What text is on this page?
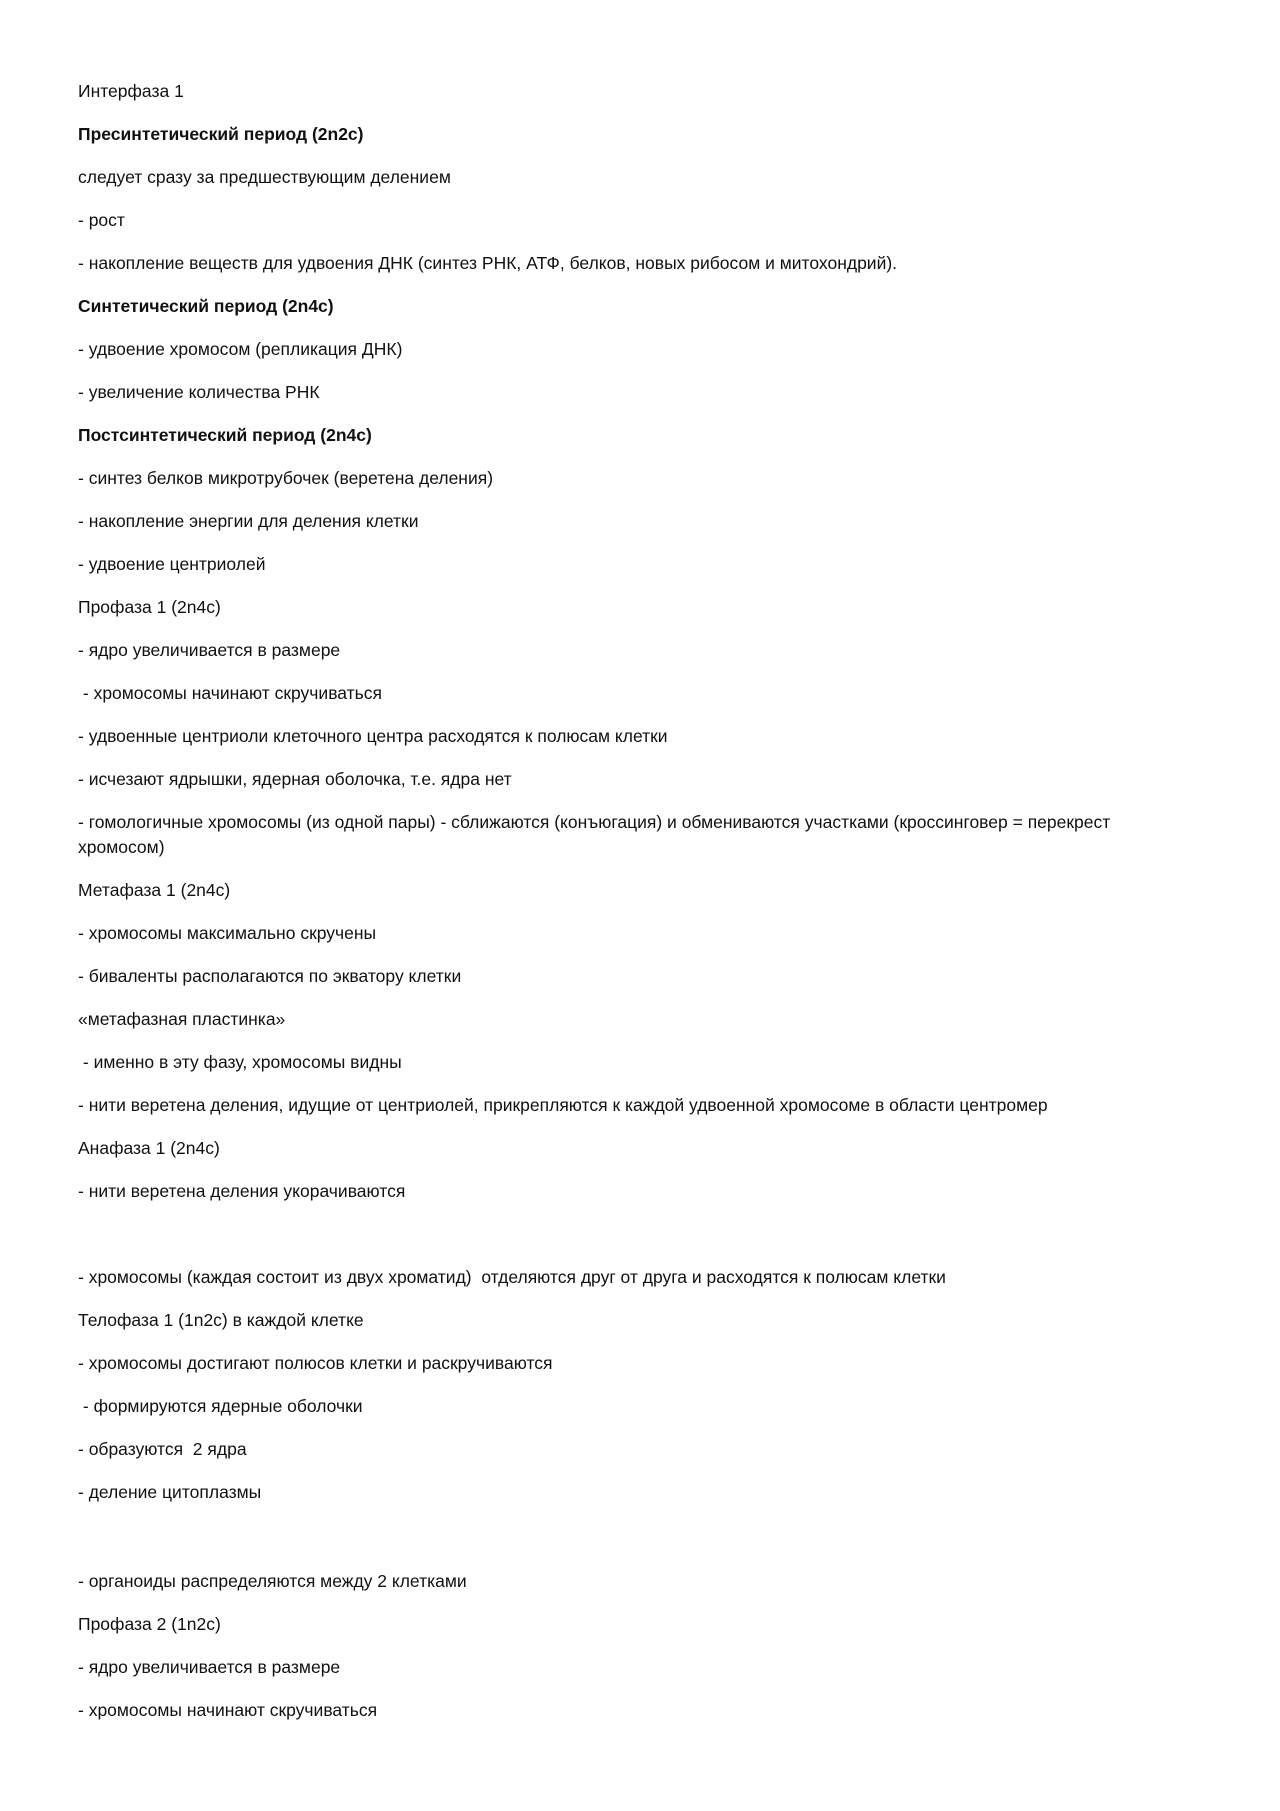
Интерфаза 1

Пресинтетический период (2n2c)

следует сразу за предшествующим делением

- рост

- накопление веществ для удвоения ДНК (синтез РНК, АТФ, белков, новых рибосом и митохондрий).

Синтетический период (2n4c)

- удвоение хромосом (репликация ДНК)

- увеличение количества РНК

Постсинтетический период (2n4c)

- синтез белков микротрубочек (веретена деления)

- накопление энергии для деления клетки

- удвоение центриолей

Профаза 1 (2n4c)

- ядро увеличивается в размере

- хромосомы начинают скручиваться

- удвоенные центриоли клеточного центра расходятся к полюсам клетки

- исчезают ядрышки, ядерная оболочка, т.е. ядра нет

- гомологичные хромосомы (из одной пары) - сближаются (конъюгация) и обмениваются участками (кроссинговер = перекрест хромосом)

Метафаза 1 (2n4c)

- хромосомы максимально скручены

- биваленты располагаются по экватору клетки

«метафазная пластинка»

- именно в эту фазу, хромосомы видны

- нити веретена деления, идущие от центриолей, прикрепляются к каждой удвоенной хромосоме в области центромер

Анафаза 1 (2n4c)

- нити веретена деления укорачиваются

- хромосомы (каждая состоит из двух хроматид)  отделяются друг от друга и расходятся к полюсам клетки

Телофаза 1 (1n2c) в каждой клетке

- хромосомы достигают полюсов клетки и раскручиваются

- формируются ядерные оболочки

- образуются  2 ядра

- деление цитоплазмы

- органоиды распределяются между 2 клетками

Профаза 2 (1n2c)

- ядро увеличивается в размере

- хромосомы начинают скручиваться
